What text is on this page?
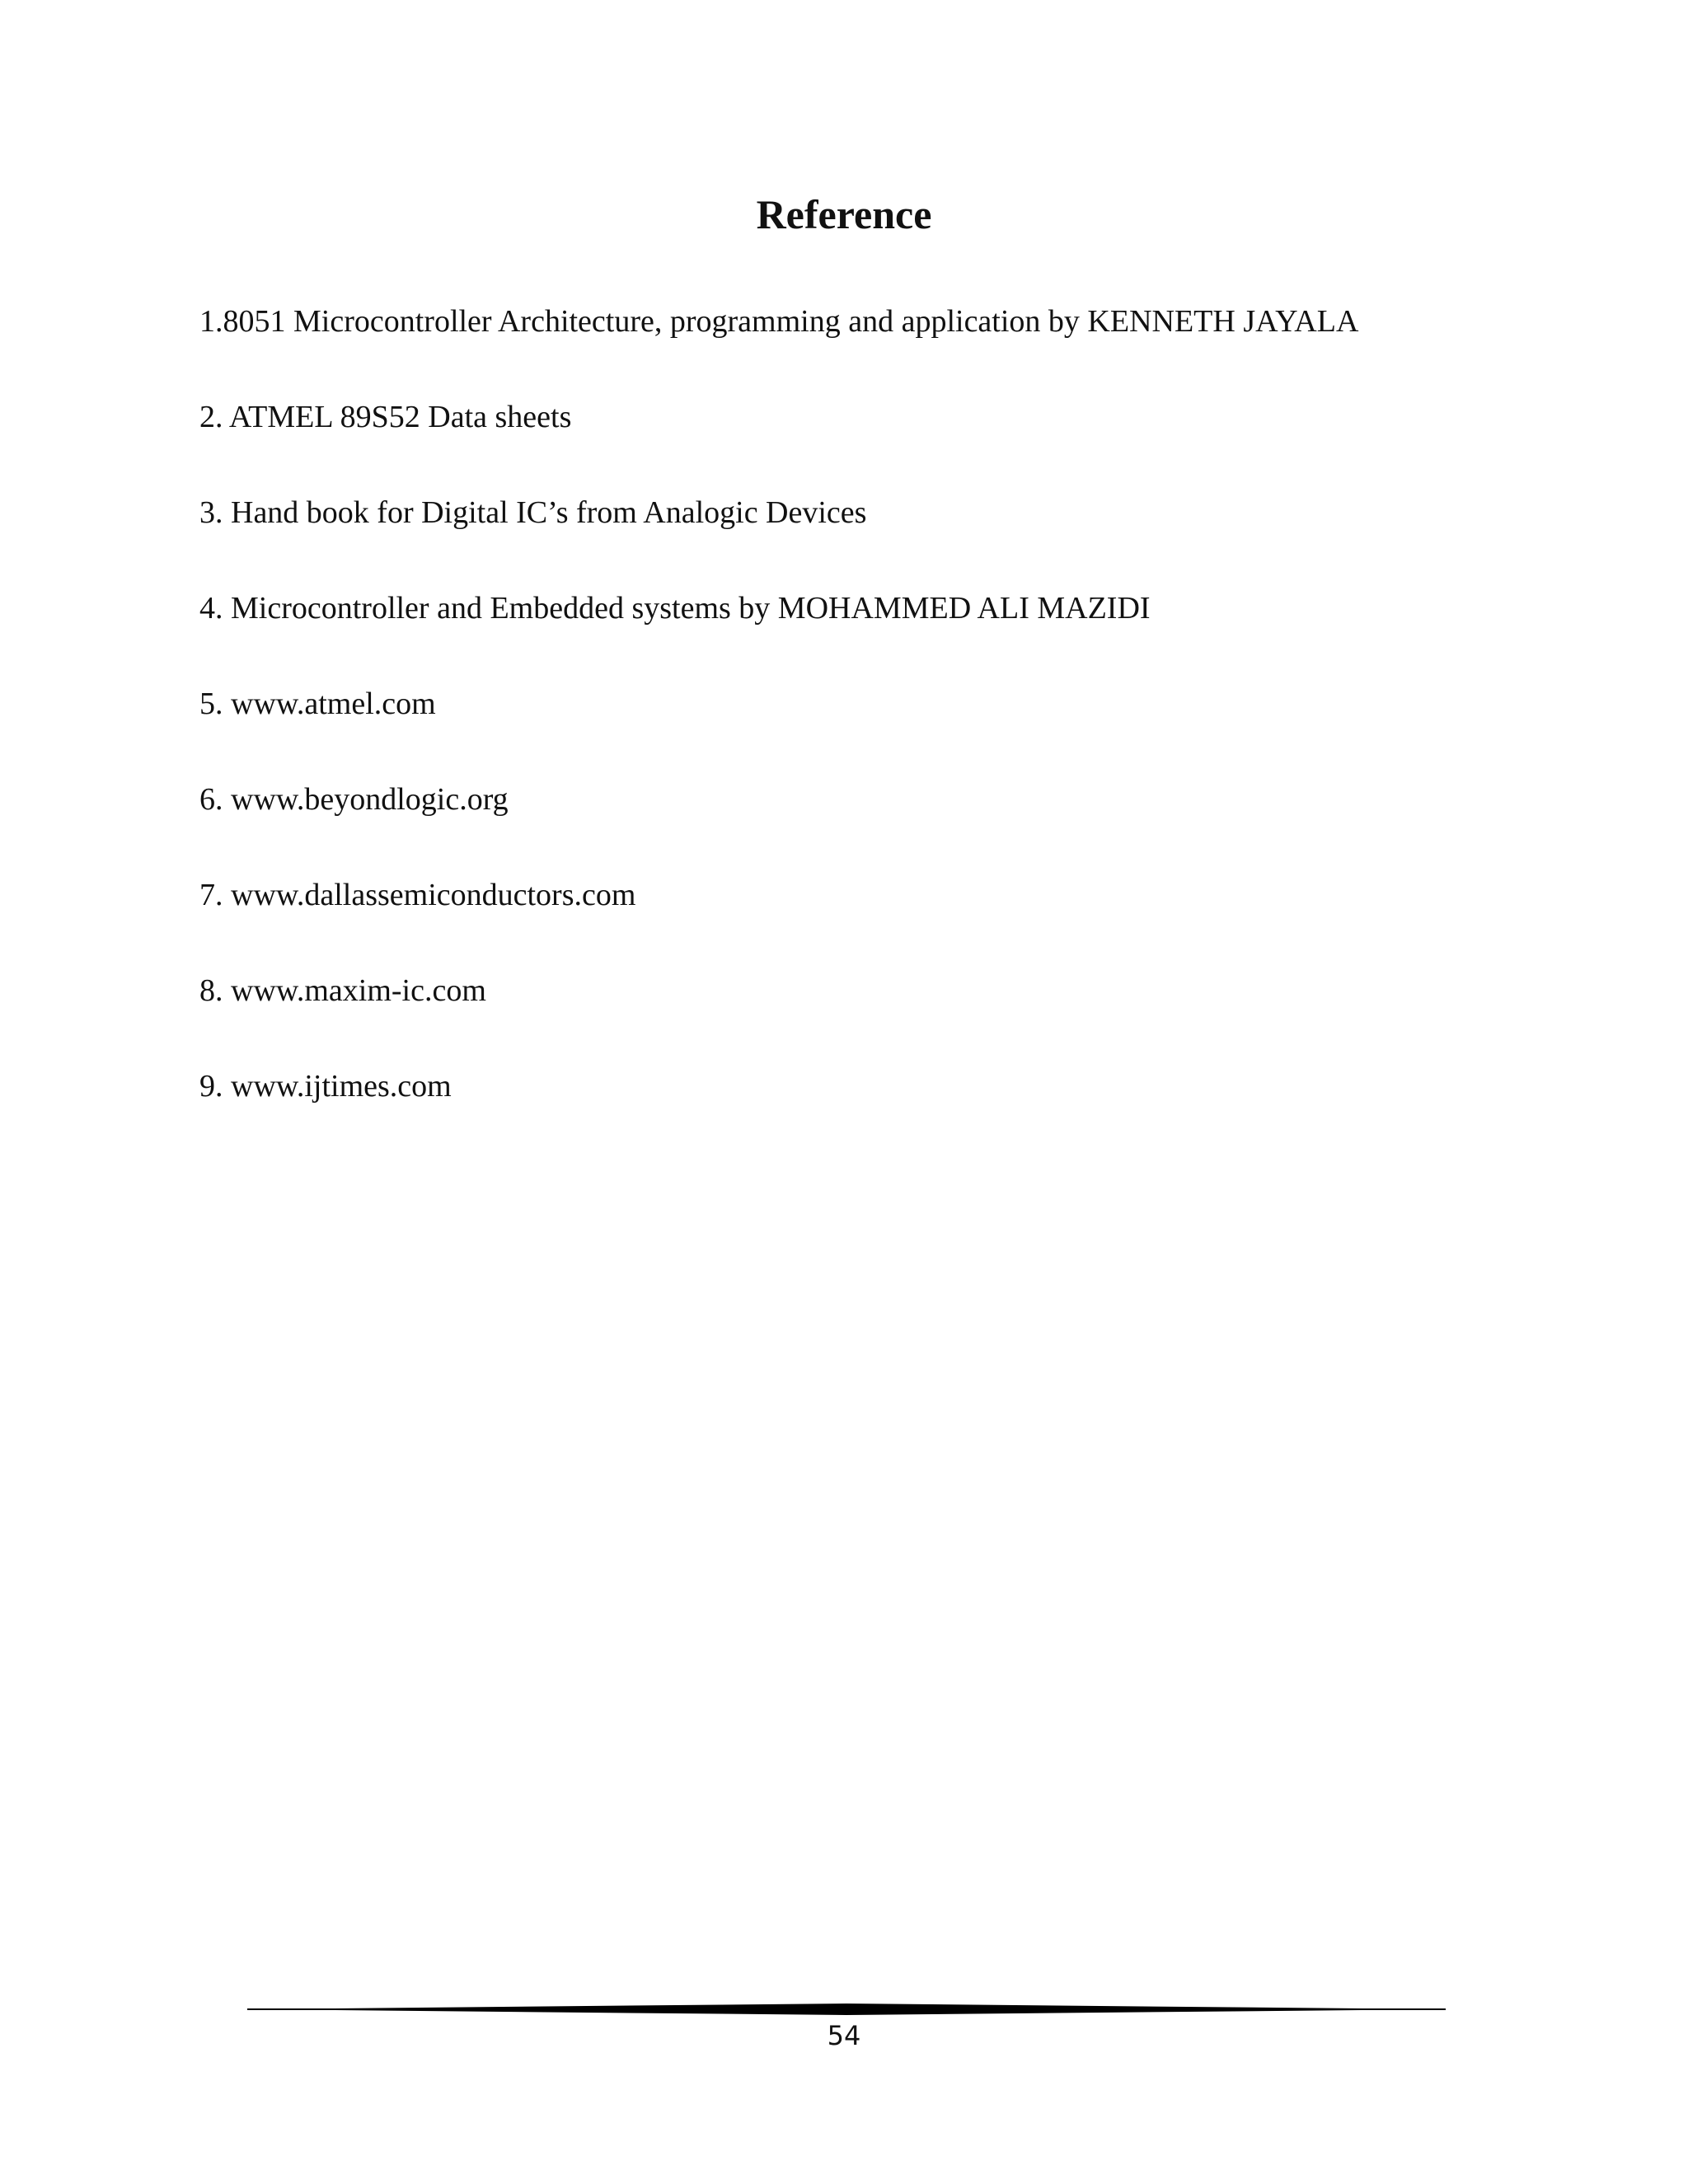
Reference
1.8051 Microcontroller Architecture, programming and application by KENNETH JAYALA
2. ATMEL 89S52 Data sheets
3. Hand book for Digital IC’s from Analogic Devices
4. Microcontroller and Embedded systems by MOHAMMED ALI MAZIDI
5. www.atmel.com
6. www.beyondlogic.org
7. www.dallassemiconductors.com
8. www.maxim-ic.com
9. www.ijtimes.com
54
